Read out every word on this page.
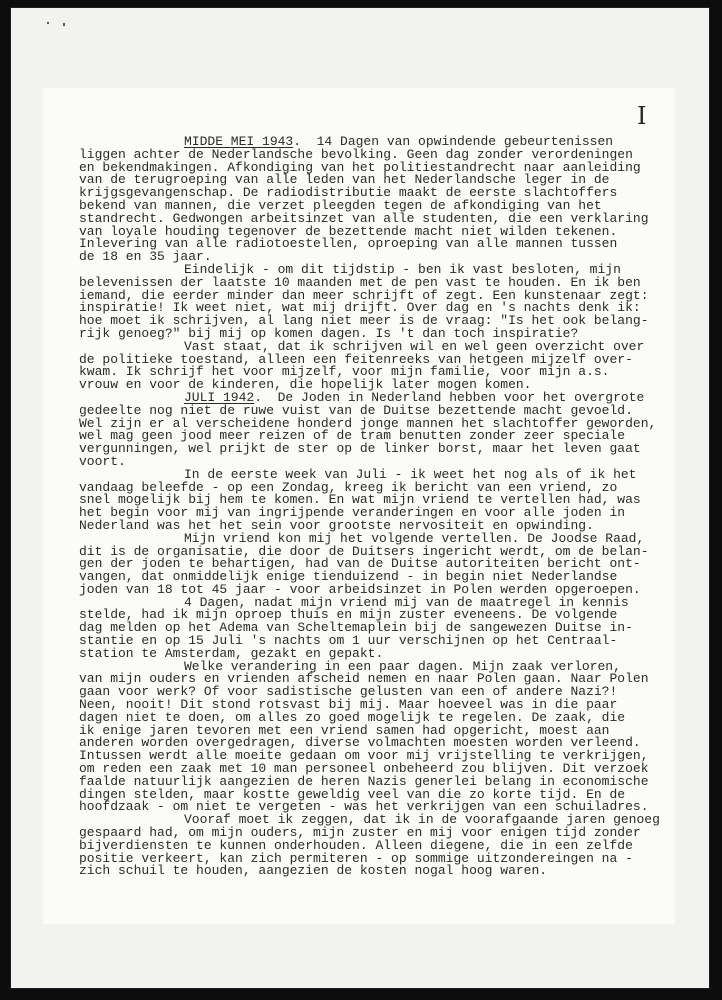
I
MIDDE MEI 1943.  14 Dagen van opwindende gebeurtenissen
liggen achter de Nederlandsche bevolking. Geen dag zonder verordeningen
en bekendmakingen. Afkondiging van het politiestandrecht naar aanleiding
van de terugroeping van alle leden van het Nederlandsche leger in de
krijgsgevangenschap. De radiodistributie maakt de eerste slachtoffers
bekend van mannen, die verzet pleegden tegen de afkondiging van het
standrecht. Gedwongen arbeitsinzet van alle studenten, die een verklaring
van loyale houding tegenover de bezettende macht niet wilden tekenen.
Inlevering van alle radiotoestellen, oproeping van alle mannen tussen
de 18 en 35 jaar.
Eindelijk - om dit tijdstip - ben ik vast besloten, mijn
belevenissen der laatste 10 maanden met de pen vast te houden. En ik ben
iemand, die eerder minder dan meer schrijft of zegt. Een kunstenaar zegt:
inspiratie! Ik weet niet, wat mij drijft. Over dag en 's nachts denk ik:
hoe moet ik schrijven, al lang niet meer is de vraag: "Is het ook belang-
rijk genoeg?" bij mij op komen dagen. Is 't dan toch inspiratie?
Vast staat, dat ik schrijven wil en wel geen overzicht over
de politieke toestand, alleen een feitenreeks van hetgeen mijzelf over-
kwam. Ik schrijf het voor mijzelf, voor mijn familie, voor mijn a.s.
vrouw en voor de kinderen, die hopelijk later mogen komen.
JULI 1942.  De Joden in Nederland hebben voor het overgrote
gedeelte nog niet de ruwe vuist van de Duitse bezettende macht gevoeld.
Wel zijn er al verscheidene honderd jonge mannen het slachtoffer geworden,
wel mag geen jood meer reizen of de tram benutten zonder zeer speciale
vergunningen, wel prijkt de ster op de linker borst, maar het leven gaat
voort.
In de eerste week van Juli - ik weet het nog als of ik het
vandaag beleefde - op een Zondag, kreeg ik bericht van een vriend, zo
snel mogelijk bij hem te komen. En wat mijn vriend te vertellen had, was
het begin voor mij van ingrijpende veranderingen en voor alle joden in
Nederland was het het sein voor grootste nervositeit en opwinding.
Mijn vriend kon mij het volgende vertellen. De Joodse Raad,
dit is de organisatie, die door de Duitsers ingericht werdt, om de belan-
gen der joden te behartigen, had van de Duitse autoriteiten bericht ont-
vangen, dat onmiddelijk enige tienduizend - in begin niet Nederlandse
joden van 18 tot 45 jaar - voor arbeidsinzet in Polen werden opgeroepen.
4 Dagen, nadat mijn vriend mij van de maatregel in kennis
stelde, had ik mijn oproep thuis en mijn zuster eveneens. De volgende
dag melden op het Adema van Scheltemaplein bij de sangewezen Duitse in-
stantie en op 15 Juli 's nachts om 1 uur verschijnen op het Centraal-
station te Amsterdam, gezakt en gepakt.
Welke verandering in een paar dagen. Mijn zaak verloren,
van mijn ouders en vrienden afscheid nemen en naar Polen gaan. Naar Polen
gaan voor werk? Of voor sadistische gelusten van een of andere Nazi?!
Neen, nooit! Dit stond rotsvast bij mij. Maar hoeveel was in die paar
dagen niet te doen, om alles zo goed mogelijk te regelen. De zaak, die
ik enige jaren tevoren met een vriend samen had opgericht, moest aan
anderen worden overgedragen, diverse volmachten moesten worden verleend.
Intussen werdt alle moeite gedaan om voor mij vrijstelling te verkrijgen,
om reden een zaak met 10 man personeel onbeheerd zou blijven. Dit verzoek
faalde natuurlijk aangezien de heren Nazis generlei belang in economische
dingen stelden, maar kostte geweldig veel van die zo korte tijd. En de
hoofdzaak - om niet te vergeten - was het verkrijgen van een schuiladres.
Vooraf moet ik zeggen, dat ik in de voorafgaande jaren genoeg
gespaard had, om mijn ouders, mijn zuster en mij voor enigen tijd zonder
bijverdiensten te kunnen onderhouden. Alleen diegene, die in een zelfde
positie verkeert, kan zich permiteren - op sommige uitzondereingen na -
zich schuil te houden, aangezien de kosten nogal hoog waren.
